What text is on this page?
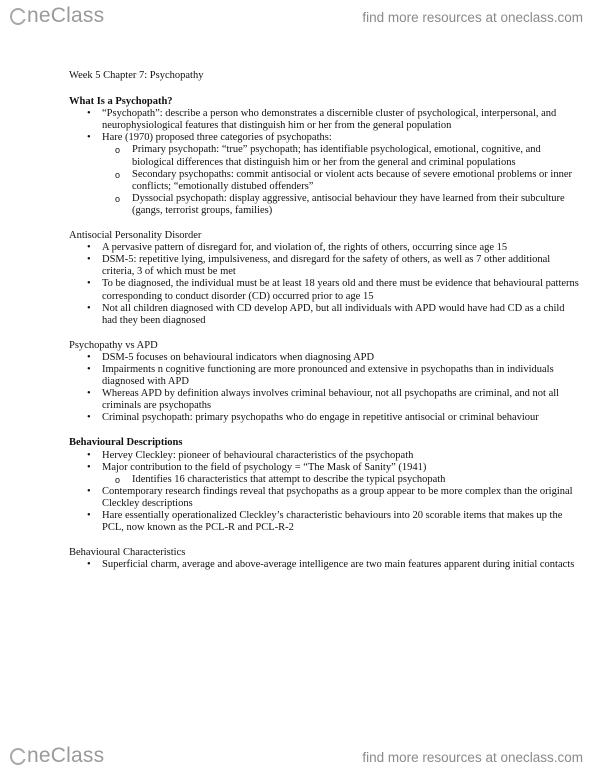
neClass	find more resources at oneclass.com
Week 5 Chapter 7: Psychopathy
What Is a Psychopath?
• “Psychopath”: describe a person who demonstrates a discernible cluster of psychological, interpersonal, and neurophysiological features that distinguish him or her from the general population
• Hare (1970) proposed three categories of psychopaths:
o Primary psychopath: “true” psychopath; has identifiable psychological, emotional, cognitive, and biological differences that distinguish him or her from the general and criminal populations
o Secondary psychopaths: commit antisocial or violent acts because of severe emotional problems or inner conflicts; “emotionally distubed offenders”
o Dyssocial psychopath: display aggressive, antisocial behaviour they have learned from their subculture (gangs, terrorist groups, families)
Antisocial Personality Disorder
• A pervasive pattern of disregard for, and violation of, the rights of others, occurring since age 15
• DSM-5: repetitive lying, impulsiveness, and disregard for the safety of others, as well as 7 other additional criteria, 3 of which must be met
• To be diagnosed, the individual must be at least 18 years old and there must be evidence that behavioural patterns corresponding to conduct disorder (CD) occurred prior to age 15
• Not all children diagnosed with CD develop APD, but all individuals with APD would have had CD as a child had they been diagnosed
Psychopathy vs APD
• DSM-5 focuses on behavioural indicators when diagnosing APD
• Impairments n cognitive functioning are more pronounced and extensive in psychopaths than in individuals diagnosed with APD
• Whereas APD by definition always involves criminal behaviour, not all psychopaths are criminal, and not all criminals are psychopaths
• Criminal psychopath: primary psychopaths who do engage in repetitive antisocial or criminal behaviour
Behavioural Descriptions
• Hervey Cleckley: pioneer of behavioural characteristics of the psychopath
• Major contribution to the field of psychology = “The Mask of Sanity” (1941)
o Identifies 16 characteristics that attempt to describe the typical psychopath
• Contemporary research findings reveal that psychopaths as a group appear to be more complex than the original Cleckley descriptions
• Hare essentially operationalized Cleckley’s characteristic behaviours into 20 scorable items that makes up the PCL, now known as the PCL-R and PCL-R-2
Behavioural Characteristics
• Superficial charm, average and above-average intelligence are two main features apparent during initial contacts
neClass	find more resources at oneclass.com
